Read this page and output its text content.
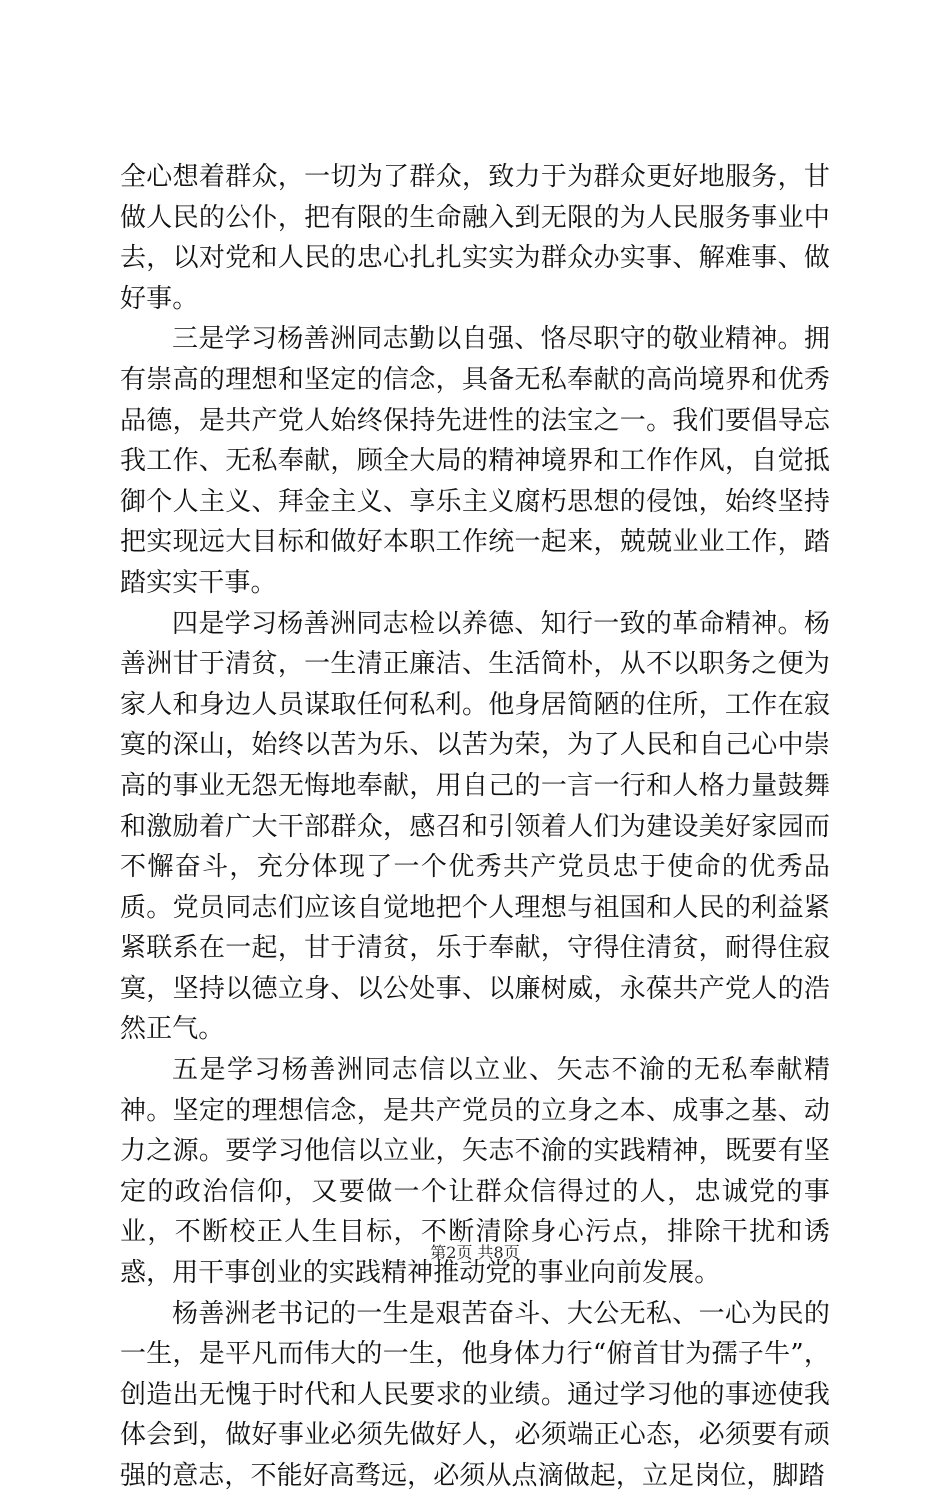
全心想着群众，一切为了群众，致力于为群众更好地服务，甘做人民的公仆，把有限的生命融入到无限的为人民服务事业中去，以对党和人民的忠心扎扎实实为群众办实事、解难事、做好事。

三是学习杨善洲同志勤以自强、恪尽职守的敬业精神。拥有崇高的理想和坚定的信念，具备无私奉献的高尚境界和优秀品德，是共产党人始终保持先进性的法宝之一。我们要倡导忘我工作、无私奉献，顾全大局的精神境界和工作作风，自觉抵御个人主义、拜金主义、享乐主义腐朽思想的侵蚀，始终坚持把实现远大目标和做好本职工作统一起来，兢兢业业工作，踏踏实实干事。

四是学习杨善洲同志检以养德、知行一致的革命精神。杨善洲甘于清贫，一生清正廉洁、生活简朴，从不以职务之便为家人和身边人员谋取任何私利。他身居简陋的住所，工作在寂寞的深山，始终以苦为乐、以苦为荣，为了人民和自己心中崇高的事业无怨无悔地奉献，用自己的一言一行和人格力量鼓舞和激励着广大干部群众，感召和引领着人们为建设美好家园而不懈奋斗，充分体现了一个优秀共产党员忠于使命的优秀品质。党员同志们应该自觉地把个人理想与祖国和人民的利益紧紧联系在一起，甘于清贫，乐于奉献，守得住清贫，耐得住寂寞，坚持以德立身、以公处事、以廉树威，永葆共产党人的浩然正气。

五是学习杨善洲同志信以立业、矢志不渝的无私奉献精神。坚定的理想信念，是共产党员的立身之本、成事之基、动力之源。要学习他信以立业，矢志不渝的实践精神，既要有坚定的政治信仰，又要做一个让群众信得过的人，忠诚党的事业，不断校正人生目标，不断清除身心污点，排除干扰和诱惑，用干事创业的实践精神推动党的事业向前发展。

杨善洲老书记的一生是艰苦奋斗、大公无私、一心为民的一生，是平凡而伟大的一生，他身体力行“俯首甘为孺子牛”，创造出无愧于时代和人民要求的业绩。通过学习他的事迹使我体会到，做好事业必须先做好人，必须端正心态，必须要有顽强的意志，不能好高骛远，必须从点滴做起，立足岗位，脚踏

第2页 共8页
